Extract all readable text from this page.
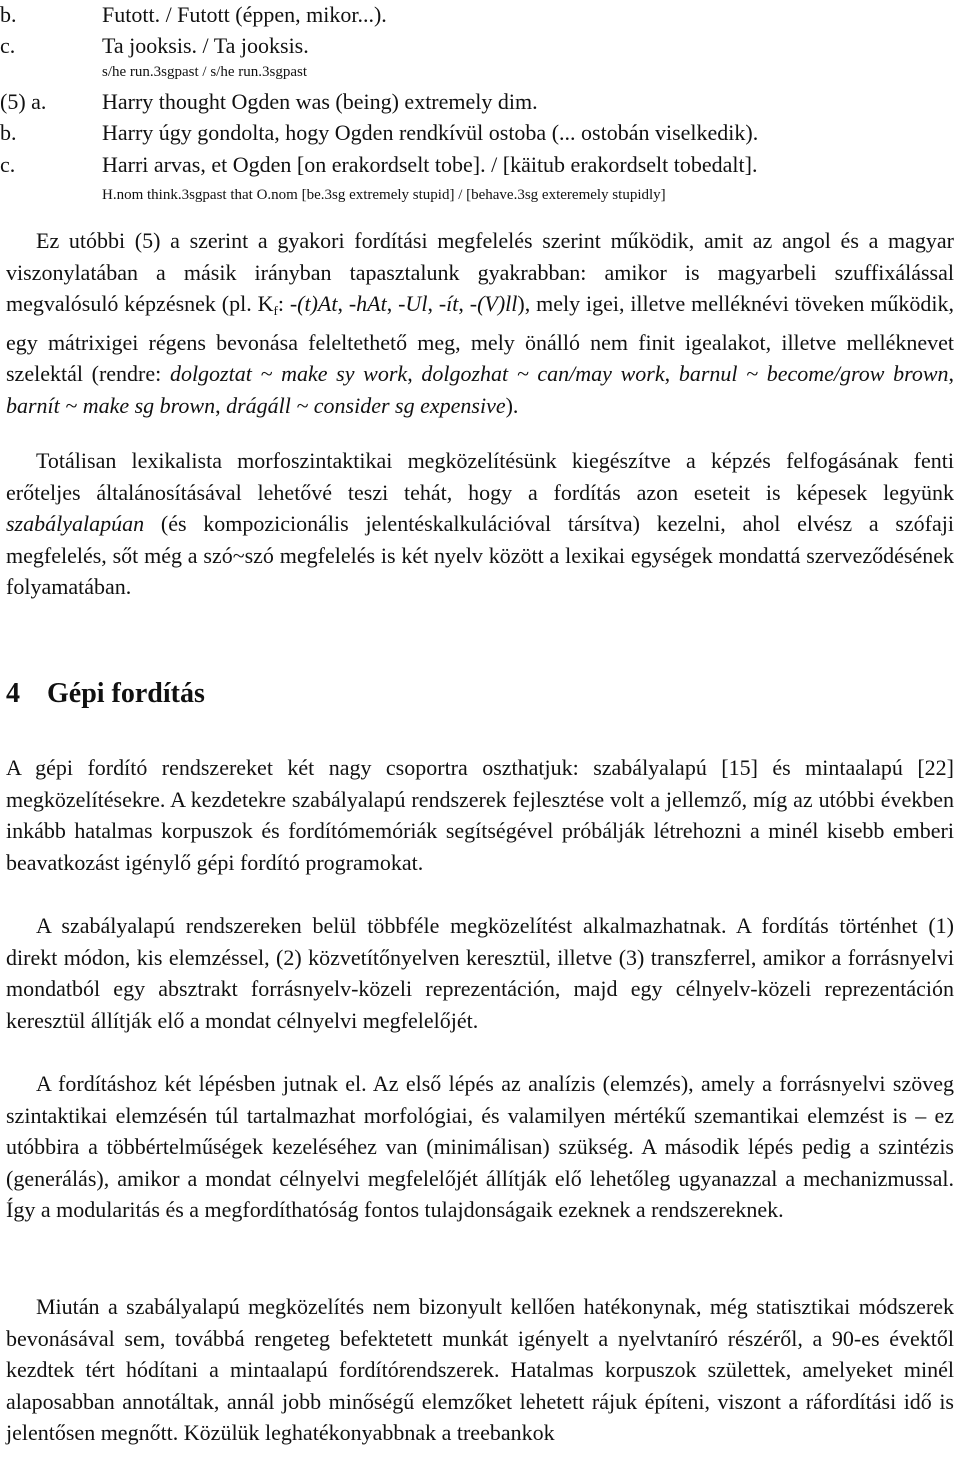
b.	Futott. / Futott (éppen, mikor...).
c.	Ta jooksis. / Ta jooksis.
s/he run.3sgpast / s/he run.3sgpast
(5) a.	Harry thought Ogden was (being) extremely dim.
b.	Harry úgy gondolta, hogy Ogden rendkívül ostoba (... ostobán viselkedik).
c.	Harri arvas, et Ogden [on erakordselt tobe]. / [käitub erakordselt tobedalt].
H.nom think.3sgpast that O.nom [be.3sg extremely stupid] / [behave.3sg exteremely stupidly]

Ez utóbbi (5) a szerint a gyakori fordítási megfelelés szerint működik, amit az angol és a magyar viszonylatában a másik irányban tapasztalunk gyakrabban: amikor is magyarbeli szuffixálással megvalósuló képzésnek (pl. $K_f$: -(t)At, -hAt, -Ul, -ít, -(V)ll), mely igei, illetve melléknévi töveken működik, egy mátrixigei régens bevonása feleltethető meg, mely önálló nem finit igealakot, illetve melléknevet szelektál (rendre: dolgoztat ~ make sy work, dolgozhat ~ can/may work, barnul ~ become/grow brown, barnít ~ make sg brown, drágáll ~ consider sg expensive).

Totálisan lexikalista morfoszintaktikai megközelítésünk kiegészítve a képzés felfogásának fenti erőteljes általánosításával lehetővé teszi tehát, hogy a fordítás azon eseteit is képesek legyünk szabályalapúan (és kompozicionális jelentéskalkulációval társítva) kezelni, ahol elvész a szófaji megfelelés, sőt még a szó~szó megfelelés is két nyelv között a lexikai egységek mondattá szerveződésének folyamatában.

4 Gépi fordítás

A gépi fordító rendszereket két nagy csoportra oszthatjuk: szabályalapú [15] és mintaalapú [22] megközelítésekre. A kezdetekre szabályalapú rendszerek fejlesztése volt a jellemző, míg az utóbbi években inkább hatalmas korpuszok és fordítómemóriák segítségével próbálják létrehozni a minél kisebb emberi beavatkozást igénylő gépi fordító programokat.

A szabályalapú rendszereken belül többféle megközelítést alkalmazhatnak. A fordítás történhet (1) direkt módon, kis elemzéssel, (2) közvetítőnyelven keresztül, illetve (3) transzferrel, amikor a forrásnyelvi mondatból egy absztrakt forrásnyelv-közeli reprezentáción, majd egy célnyelv-közeli reprezentáción keresztül állítják elő a mondat célnyelvi megfelelőjét.

A fordításhoz két lépésben jutnak el. Az első lépés az analízis (elemzés), amely a forrásnyelvi szöveg szintaktikai elemzésén túl tartalmazhat morfológiai, és valamilyen mértékű szemantikai elemzést is – ez utóbbira a többértelműségek kezeléséhez van (minimálisan) szükség. A második lépés pedig a szintézis (generálás), amikor a mondat célnyelvi megfelelőjét állítják elő lehetőleg ugyanazzal a mechanizmussal. Így a modularitás és a megfordíthatóság fontos tulajdonságaik ezeknek a rendszereknek.

Miután a szabályalapú megközelítés nem bizonyult kellően hatékonynak, még statisztikai módszerek bevonásával sem, továbbá rengeteg befektetett munkát igényelt a nyelvtaníró részéről, a 90-es évektől kezdtek tért hódítani a mintaalapú fordítórendszerek. Hatalmas korpuszok születtek, amelyeket minél alaposabban annotáltak, annál jobb minőségű elemzőket lehetett rájuk építeni, viszont a ráfordítási idő is jelentősen megnőtt. Közülük leghatékonyabbnak a treebankok
